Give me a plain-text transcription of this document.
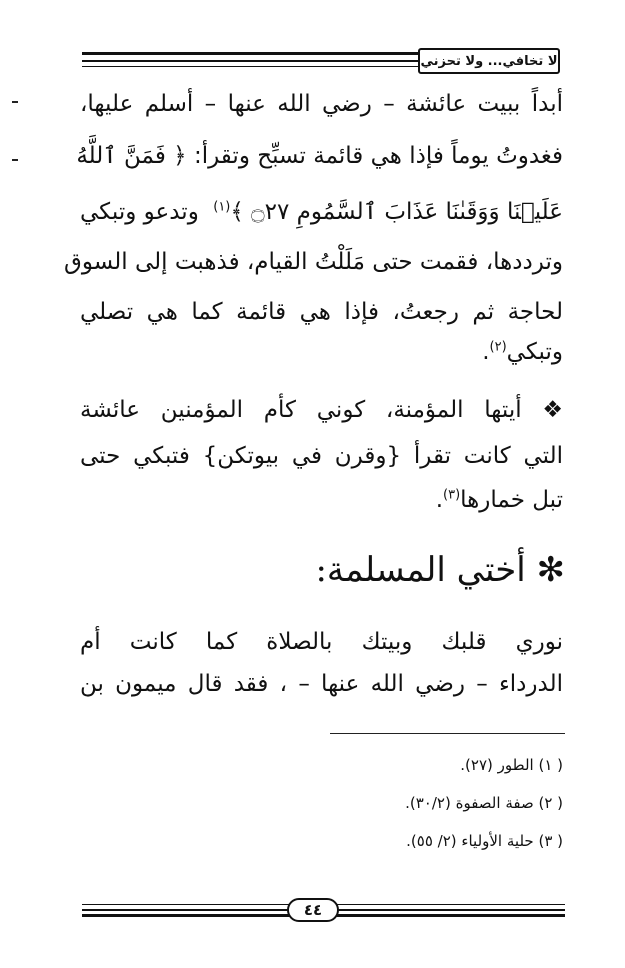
لا تخافي... ولا تحزني
أبداً ببيت عائشة – رضي الله عنها – أسلم عليها،
فغدوتُ يوماً فإذا هي قائمة تسبِّح وتقرأ: ﴿ فَمَنَّ ٱللَّهُ
عَلَيۡنَا وَوَقَىٰنَا عَذَابَ ٱلسَّمُومِ ۝٢٧ ﴾$^{(١)}$
وتدعو وتبكي
وترددها، فقمت حتى مَلَلْتُ القيام، فذهبت إلى السوق
لحاجة ثم رجعتُ، فإذا هي قائمة كما هي تصلي
وتبكي$^{(٢)}$.
❖ أيتها المؤمنة، كوني كأم المؤمنين عائشة
التي كانت تقرأ {وقرن في بيوتكن} فتبكي حتى
تبل خمارها$^{(٣)}$.
✻ أختي المسلمة:
نوري قلبك وبيتك بالصلاة كما كانت أم
الدرداء – رضي الله عنها – ، فقد قال ميمون بن
( ١) الطور (٢٧).
( ٢) صفة الصفوة (٣٠/٢).
( ٣) حلية الأولياء (٢/ ٥٥).
٤٤
